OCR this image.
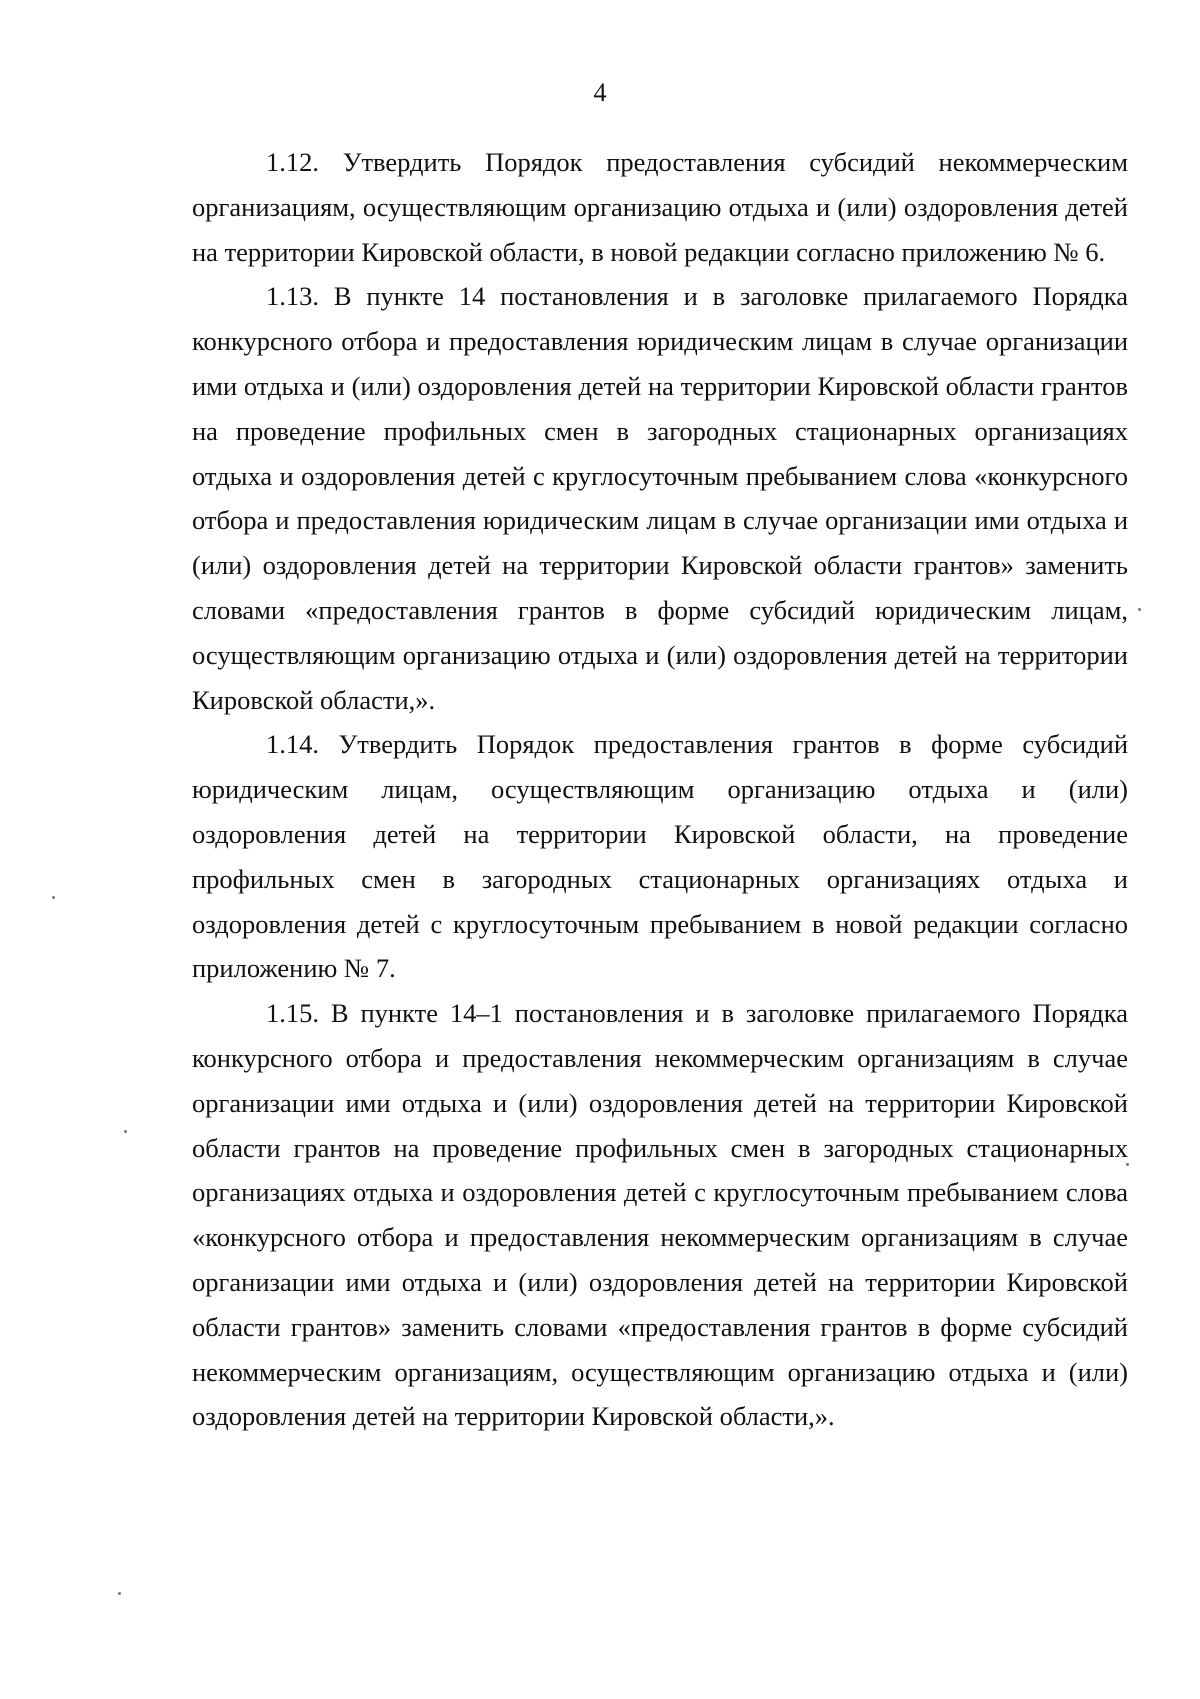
4

1.12. Утвердить Порядок предоставления субсидий некоммерческим организациям, осуществляющим организацию отдыха и (или) оздоровления детей на территории Кировской области, в новой редакции согласно приложению № 6.

1.13. В пункте 14 постановления и в заголовке прилагаемого Порядка конкурсного отбора и предоставления юридическим лицам в случае организации ими отдыха и (или) оздоровления детей на территории Кировской области грантов на проведение профильных смен в загородных стационарных организациях отдыха и оздоровления детей с круглосуточным пребыванием слова «конкурсного отбора и предоставления юридическим лицам в случае организации ими отдыха и (или) оздоровления детей на территории Кировской области грантов» заменить словами «предоставления грантов в форме субсидий юридическим лицам, осуществляющим организацию отдыха и (или) оздоровления детей на территории Кировской области,».

1.14. Утвердить Порядок предоставления грантов в форме субсидий юридическим лицам, осуществляющим организацию отдыха и (или) оздоровления детей на территории Кировской области, на проведение профильных смен в загородных стационарных организациях отдыха и оздоровления детей с круглосуточным пребыванием в новой редакции согласно приложению № 7.

1.15. В пункте 14–1 постановления и в заголовке прилагаемого Порядка конкурсного отбора и предоставления некоммерческим организациям в случае организации ими отдыха и (или) оздоровления детей на территории Кировской области грантов на проведение профильных смен в загородных стационарных организациях отдыха и оздоровления детей с круглосуточным пребыванием слова «конкурсного отбора и предоставления некоммерческим организациям в случае организации ими отдыха и (или) оздоровления детей на территории Кировской области грантов» заменить словами «предоставления грантов в форме субсидий некоммерческим организациям, осуществляющим организацию отдыха и (или) оздоровления детей на территории Кировской области,».
